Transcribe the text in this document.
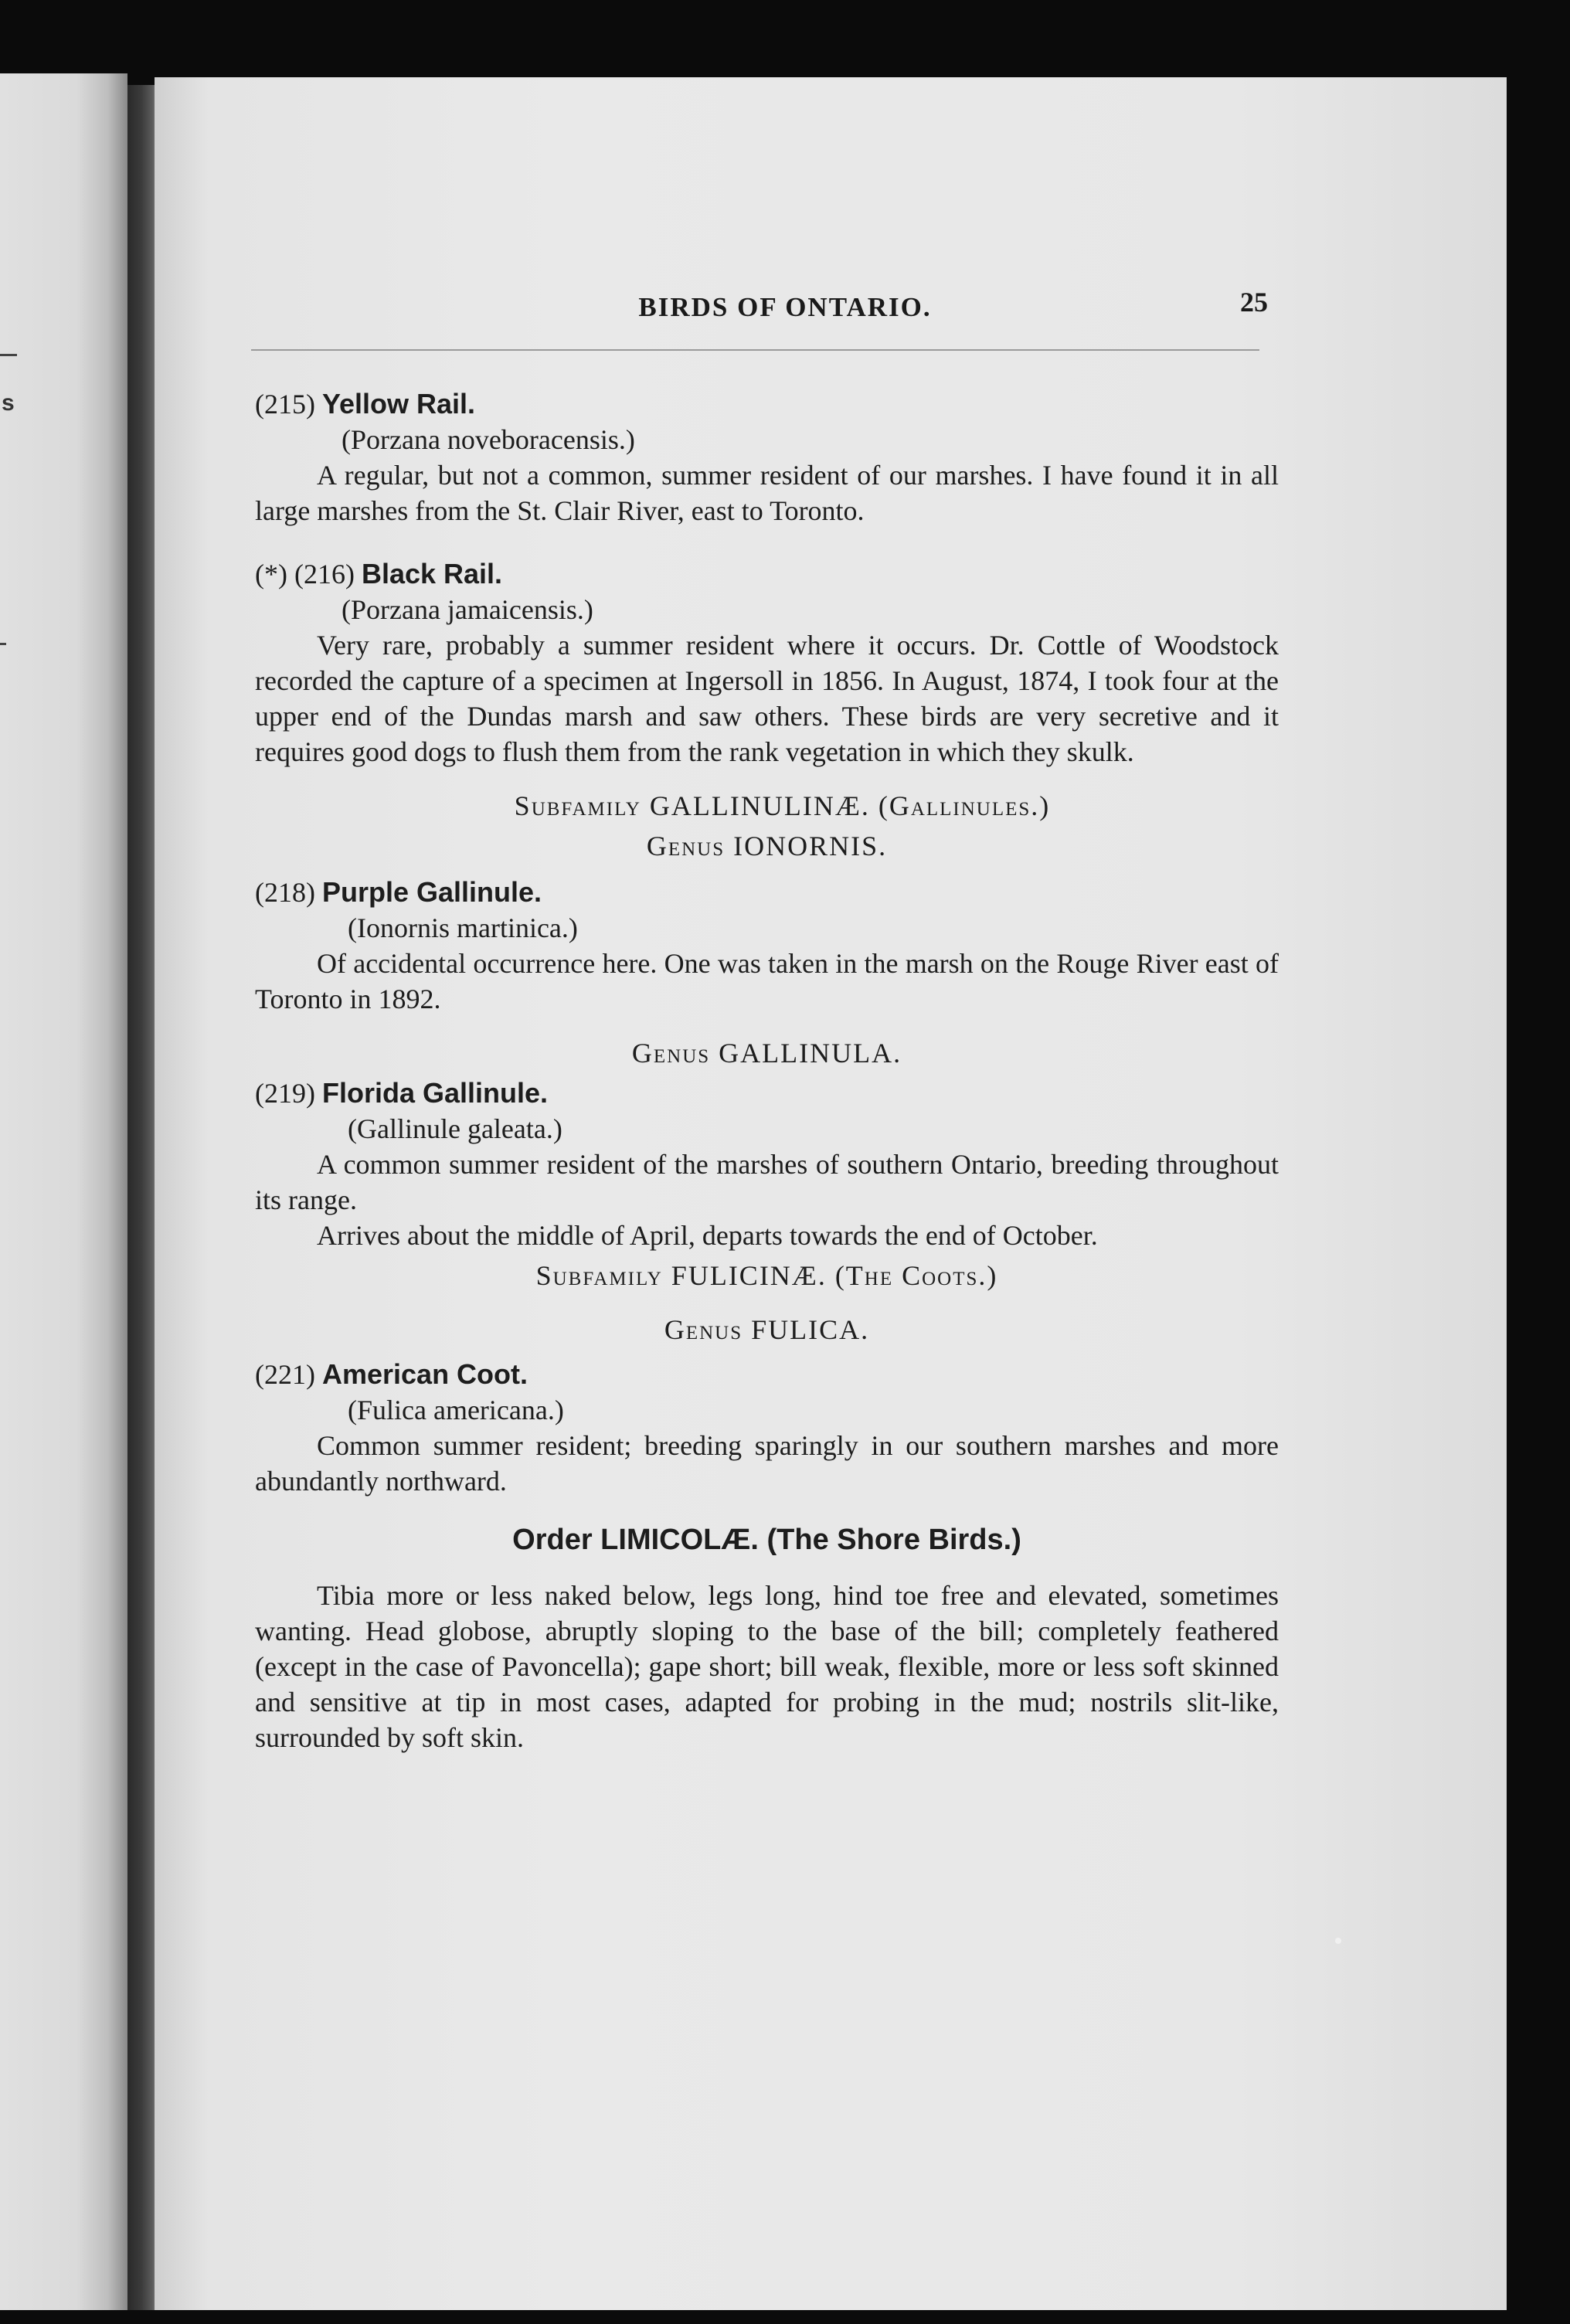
s
BIRDS OF ONTARIO.	25

(215) Yellow Rail.

(Porzana noveboracensis.)

A regular, but not a common, summer resident of our marshes. I have found it in all large marshes from the St. Clair River, east to Toronto.

(*) (216) Black Rail.

(Porzana jamaicensis.)

Very rare, probably a summer resident where it occurs. Dr. Cottle of Woodstock recorded the capture of a specimen at Ingersoll in 1856. In August, 1874, I took four at the upper end of the Dundas marsh and saw others. These birds are very secretive and it requires good dogs to flush them from the rank vegetation in which they skulk.

Subfamily GALLINULINÆ. (Gallinules.)

Genus IONORNIS.

(218) Purple Gallinule.

(Ionornis martinica.)

Of accidental occurrence here. One was taken in the marsh on the Rouge River east of Toronto in 1892.

Genus GALLINULA.

(219) Florida Gallinule.

(Gallinule galeata.)

A common summer resident of the marshes of southern Ontario, breeding throughout its range.

Arrives about the middle of April, departs towards the end of October.

Subfamily FULICINÆ. (The Coots.)

Genus FULICA.

(221) American Coot.

(Fulica americana.)

Common summer resident; breeding sparingly in our southern marshes and more abundantly northward.

Order LIMICOLÆ. (The Shore Birds.)

Tibia more or less naked below, legs long, hind toe free and elevated, sometimes wanting. Head globose, abruptly sloping to the base of the bill; completely feathered (except in the case of Pavoncella); gape short; bill weak, flexible, more or less soft skinned and sensitive at tip in most cases, adapted for probing in the mud; nostrils slit-like, surrounded by soft skin.
